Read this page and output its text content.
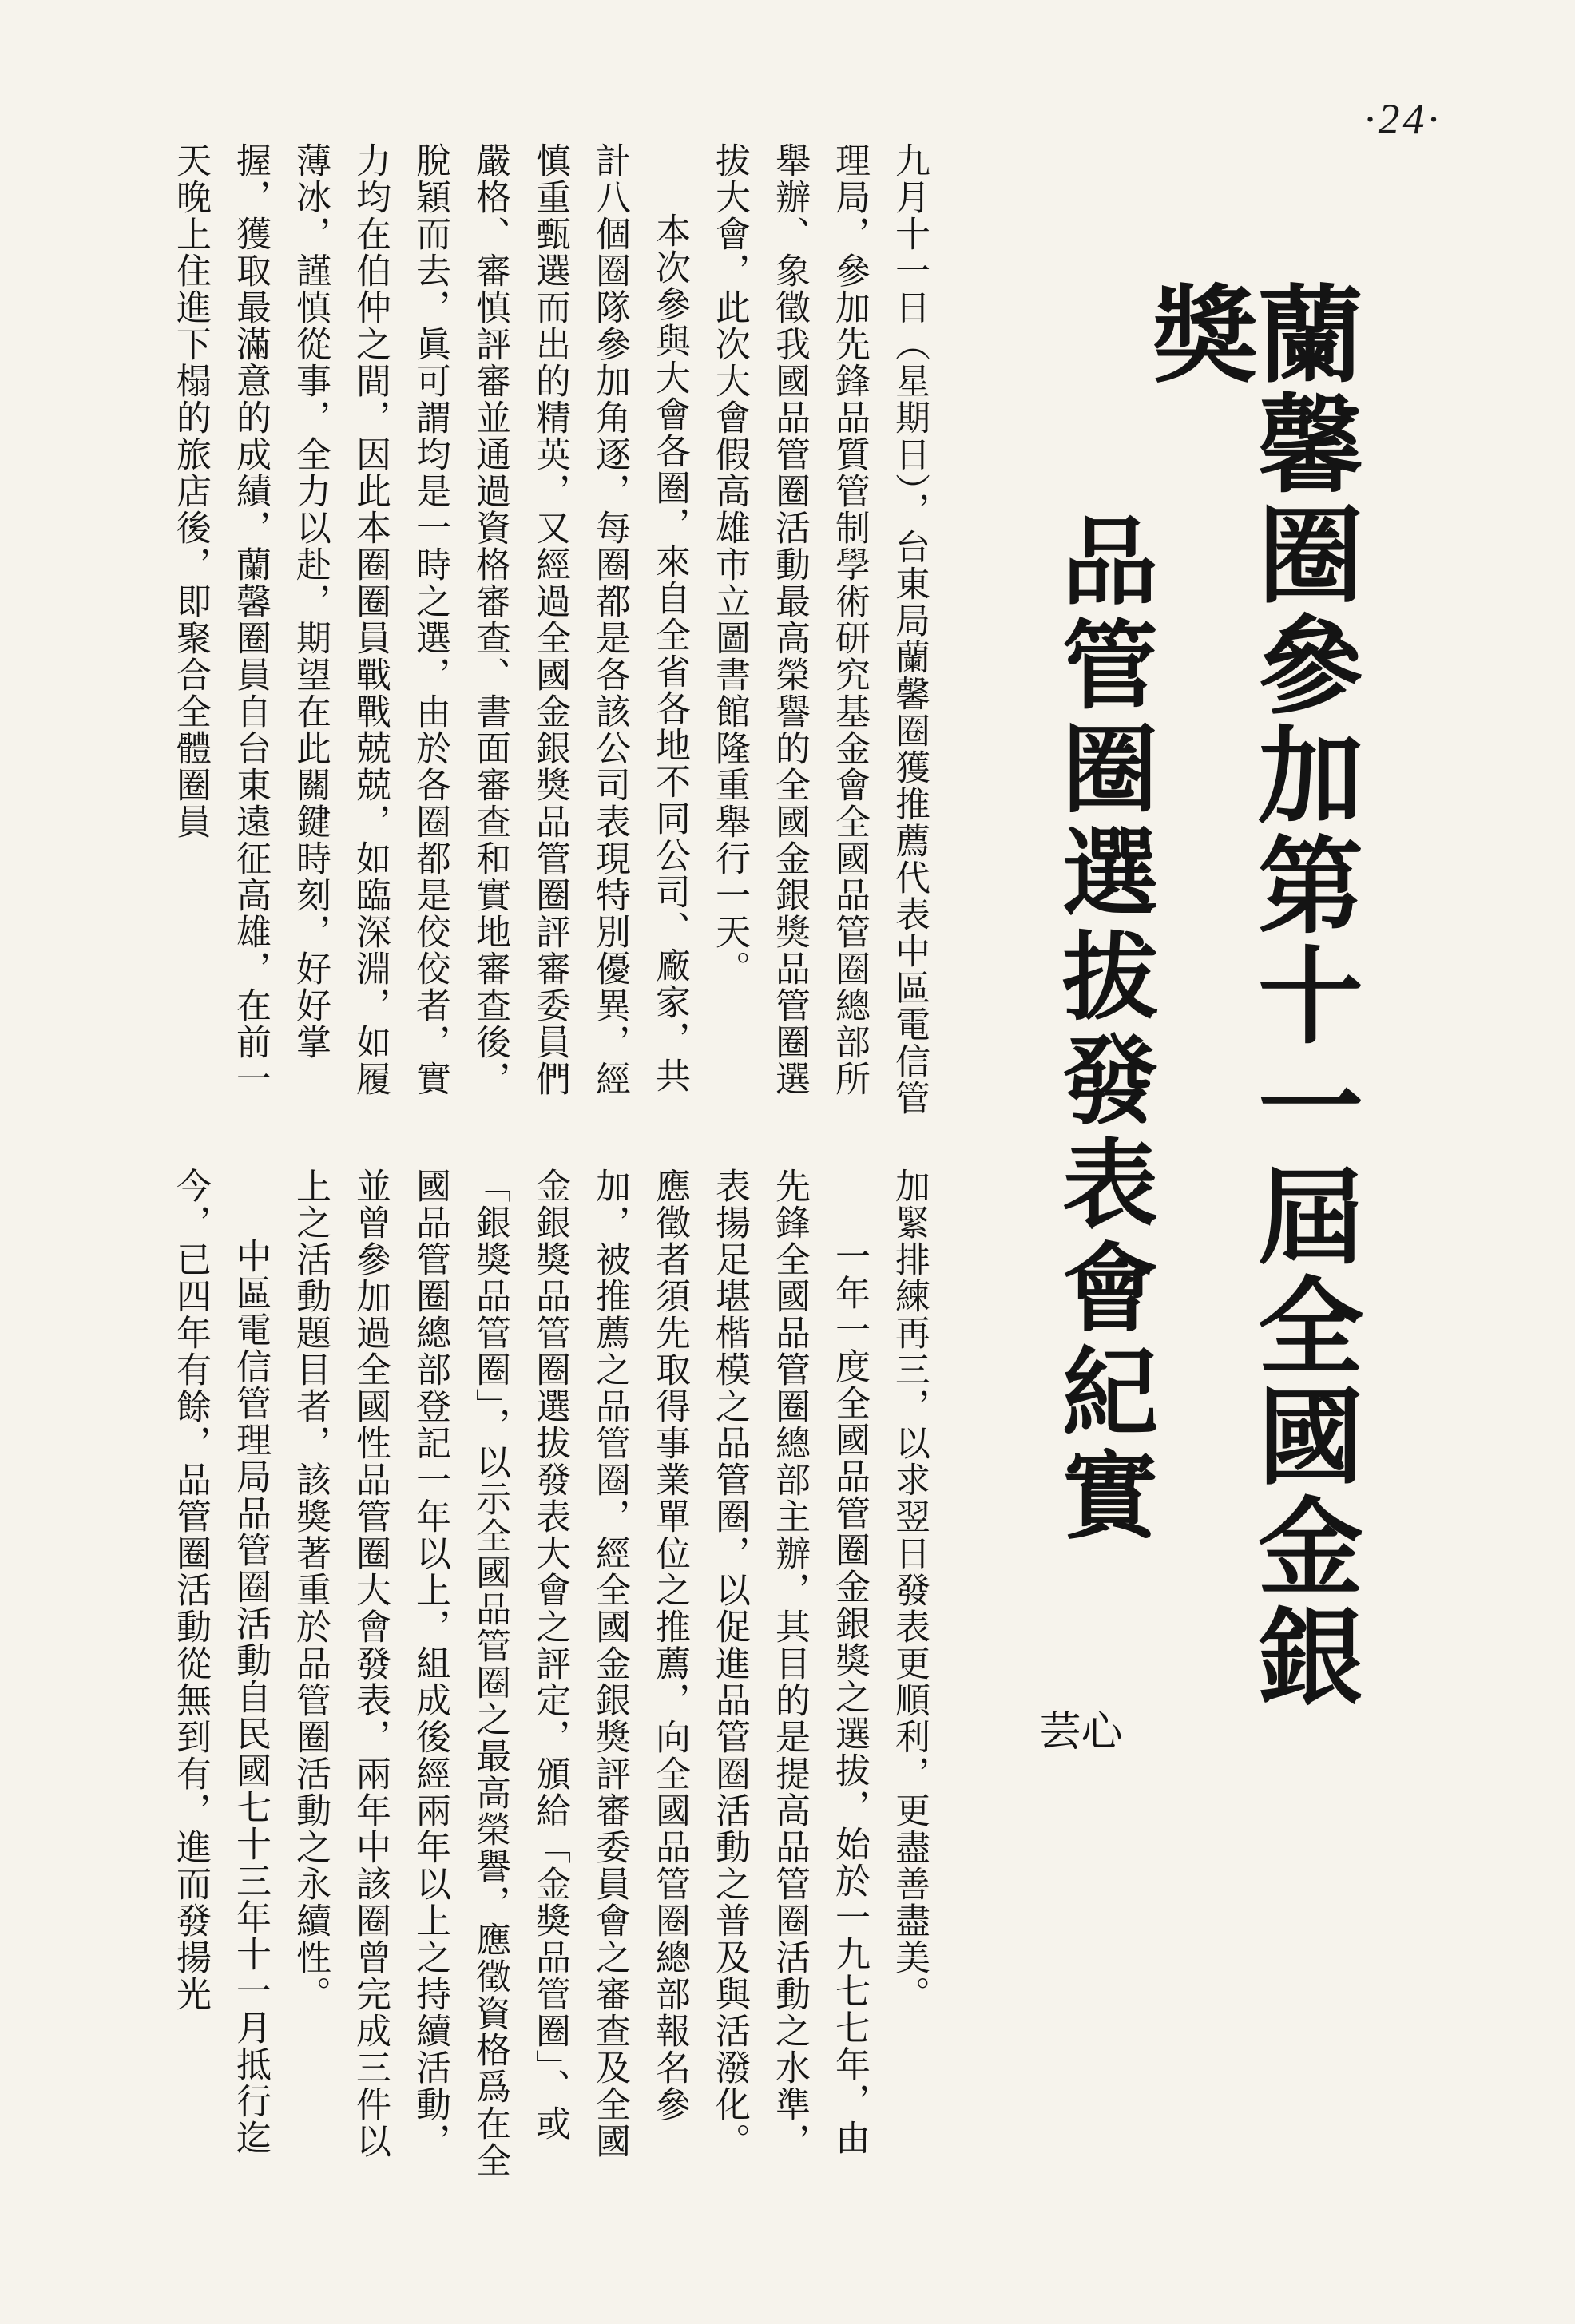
·24·
蘭馨圈參加第十一屆全國金銀獎
品管圈選拔發表會紀實
心芸

九月十一日（星期日），台東局蘭馨圈獲推薦代表中區電信管理局，參加先鋒品質管制學術研究基金會全國品管圈總部所舉辦、象徵我國品管圈活動最高榮譽的全國金銀獎品管圈選拔大會，此次大會假高雄市立圖書館隆重舉行一天。

本次參與大會各圈，來自全省各地不同公司、廠家，共計八個圈隊參加角逐，每圈都是各該公司表現特別優異，經慎重甄選而出的精英，又經過全國金銀獎品管圈評審委員們嚴格、審慎評審並通過資格審查、書面審查和實地審查後，脫穎而去，眞可謂均是一時之選，由於各圈都是佼佼者，實力均在伯仲之間，因此本圈圈員戰戰兢兢，如臨深淵，如履薄冰，謹慎從事，全力以赴，期望在此關鍵時刻，好好掌握，獲取最滿意的成績，蘭馨圈員自台東遠征高雄，在前一天晚上住進下榻的旅店後，即聚合全體圈員

加緊排練再三，以求翌日發表更順利，更盡善盡美。

一年一度全國品管圈金銀獎之選拔，始於一九七七年，由先鋒全國品管圈總部主辦，其目的是提高品管圈活動之水準，表揚足堪楷模之品管圈，以促進品管圈活動之普及與活潑化。應徵者須先取得事業單位之推薦，向全國品管圈總部報名參加，被推薦之品管圈，經全國金銀獎評審委員會之審查及全國金銀獎品管圈選拔發表大會之評定，頒給「金獎品管圈」、或「銀獎品管圈」，以示全國品管圈之最高榮譽，應徵資格爲在全國品管圈總部登記一年以上，組成後經兩年以上之持續活動，並曾參加過全國性品管圈大會發表，兩年中該圈曾完成三件以上之活動題目者，該獎著重於品管圈活動之永續性。

中區電信管理局品管圈活動自民國七十三年十一月抵行迄今，已四年有餘，品管圈活動從無到有，進而發揚光
